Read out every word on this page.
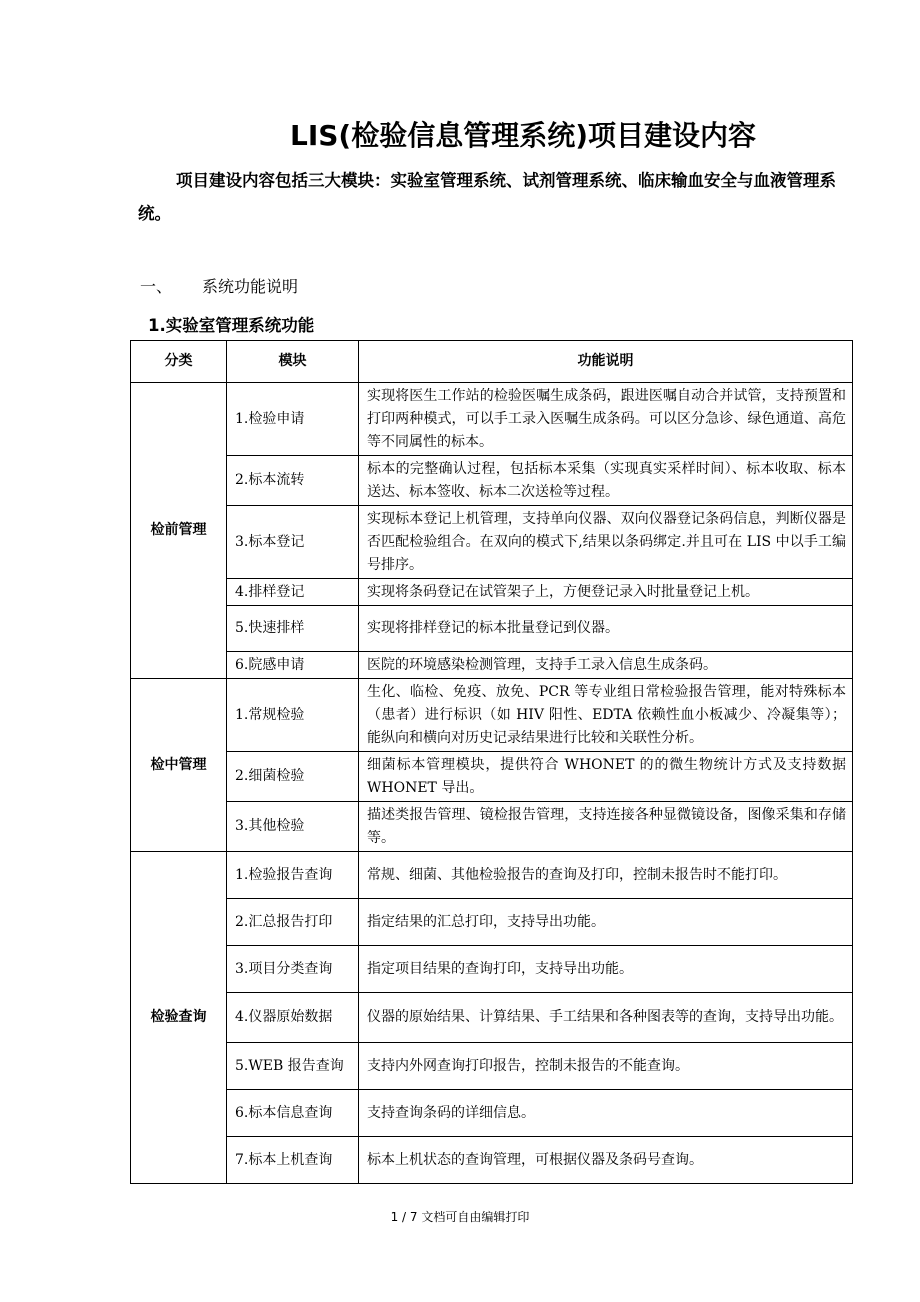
LIS(检验信息管理系统)项目建设内容

项目建设内容包括三大模块：实验室管理系统、试剂管理系统、临床输血安全与血液管理系统。

一、 系统功能说明
1.实验室管理系统功能
分类	模块	功能说明
检前管理	1.检验申请	实现将医生工作站的检验医嘱生成条码，跟进医嘱自动合并试管，支持预置和打印两种模式，可以手工录入医嘱生成条码。可以区分急诊、绿色通道、高危等不同属性的标本。
	2.标本流转	标本的完整确认过程，包括标本采集（实现真实采样时间）、标本收取、标本送达、标本签收、标本二次送检等过程。
	3.标本登记	实现标本登记上机管理，支持单向仪器、双向仪器登记条码信息，判断仪器是否匹配检验组合。在双向的模式下,结果以条码绑定.并且可在 LIS 中以手工编号排序。
	4.排样登记	实现将条码登记在试管架子上，方便登记录入时批量登记上机。
	5.快速排样	实现将排样登记的标本批量登记到仪器。
	6.院感申请	医院的环境感染检测管理，支持手工录入信息生成条码。
检中管理	1.常规检验	生化、临检、免疫、放免、PCR 等专业组日常检验报告管理，能对特殊标本（患者）进行标识（如 HIV 阳性、EDTA 依赖性血小板减少、冷凝集等）；能纵向和横向对历史记录结果进行比较和关联性分析。
	2.细菌检验	细菌标本管理模块，提供符合 WHONET 的的微生物统计方式及支持数据 WHONET 导出。
	3.其他检验	描述类报告管理、镜检报告管理，支持连接各种显微镜设备，图像采集和存储等。
检验查询	1.检验报告查询	常规、细菌、其他检验报告的查询及打印，控制未报告时不能打印。
	2.汇总报告打印	指定结果的汇总打印，支持导出功能。
	3.项目分类查询	指定项目结果的查询打印，支持导出功能。
	4.仪器原始数据	仪器的原始结果、计算结果、手工结果和各种图表等的查询，支持导出功能。
	5.WEB 报告查询	支持内外网查询打印报告，控制未报告的不能查询。
	6.标本信息查询	支持查询条码的详细信息。
	7.标本上机查询	标本上机状态的查询管理，可根据仪器及条码号查询。
1 / 7 文档可自由编辑打印
